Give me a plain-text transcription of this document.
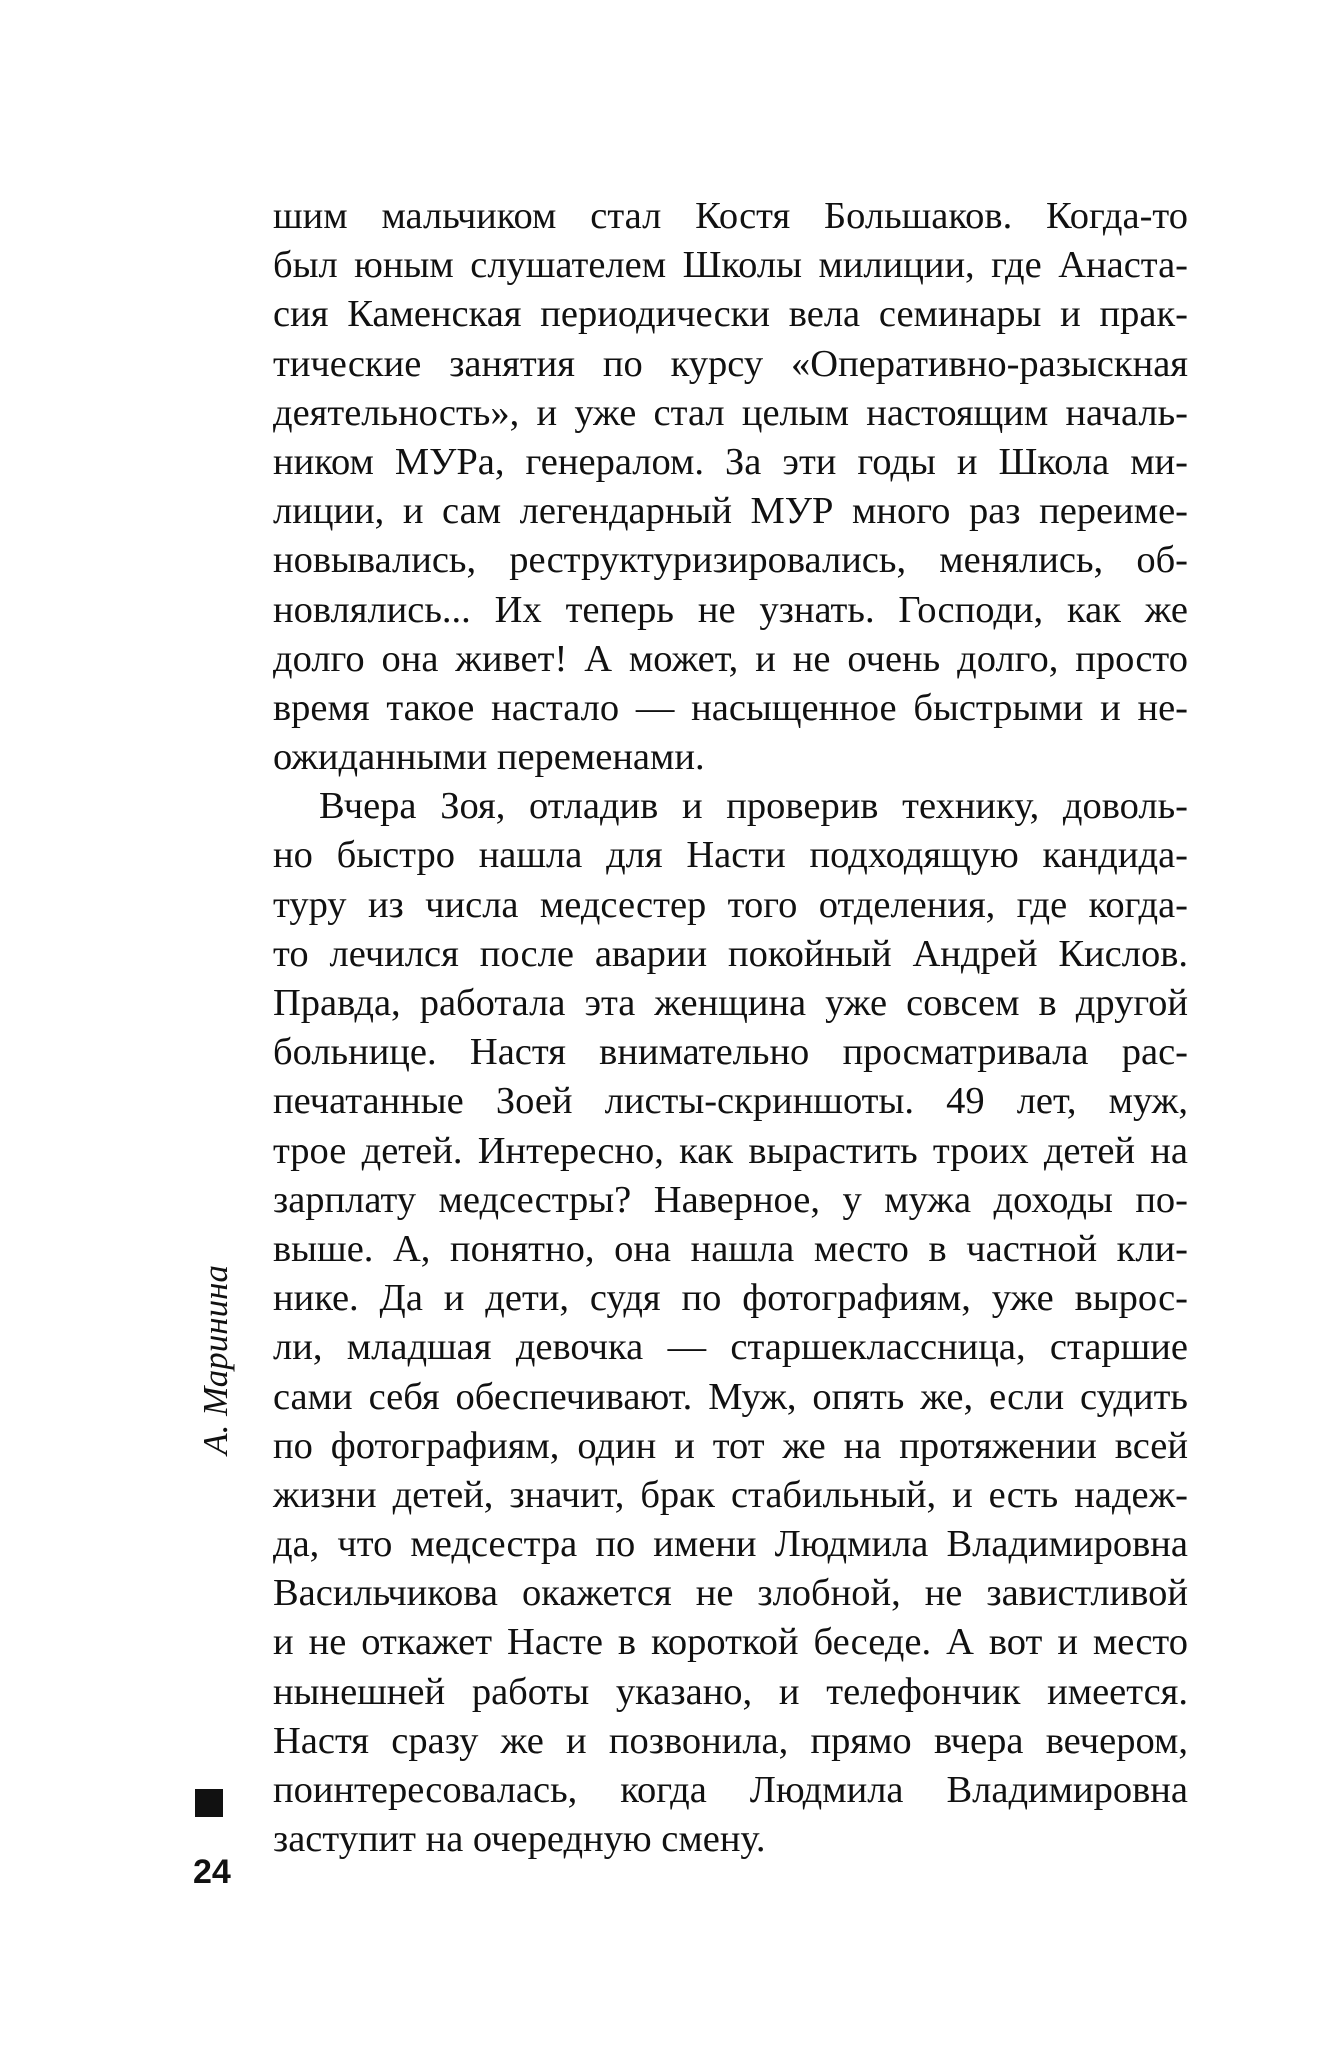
шим мальчиком стал Костя Большаков. Когда-то
был юным слушателем Школы милиции, где Анаста-
сия Каменская периодически вела семинары и прак-
тические занятия по курсу «Оперативно-разыскная
деятельность», и уже стал целым настоящим началь-
ником МУРа, генералом. За эти годы и Школа ми-
лиции, и сам легендарный МУР много раз переиме-
новывались, реструктуризировались, менялись, об-
новлялись... Их теперь не узнать. Господи, как же
долго она живет! А может, и не очень долго, просто
время такое настало — насыщенное быстрыми и не-
ожиданными переменами.
Вчера Зоя, отладив и проверив технику, доволь-
но быстро нашла для Насти подходящую кандида-
туру из числа медсестер того отделения, где когда-
то лечился после аварии покойный Андрей Кислов.
Правда, работала эта женщина уже совсем в другой
больнице. Настя внимательно просматривала рас-
печатанные Зоей листы-скриншоты. 49 лет, муж,
трое детей. Интересно, как вырастить троих детей на
зарплату медсестры? Наверное, у мужа доходы по-
выше. А, понятно, она нашла место в частной кли-
нике. Да и дети, судя по фотографиям, уже вырос-
ли, младшая девочка — старшеклассница, старшие
сами себя обеспечивают. Муж, опять же, если судить
по фотографиям, один и тот же на протяжении всей
жизни детей, значит, брак стабильный, и есть надеж-
да, что медсестра по имени Людмила Владимировна
Васильчикова окажется не злобной, не завистливой
и не откажет Насте в короткой беседе. А вот и место
нынешней работы указано, и телефончик имеется.
Настя сразу же и позвонила, прямо вчера вечером,
поинтересовалась, когда Людмила Владимировна
заступит на очередную смену.
А. Маринина
24
